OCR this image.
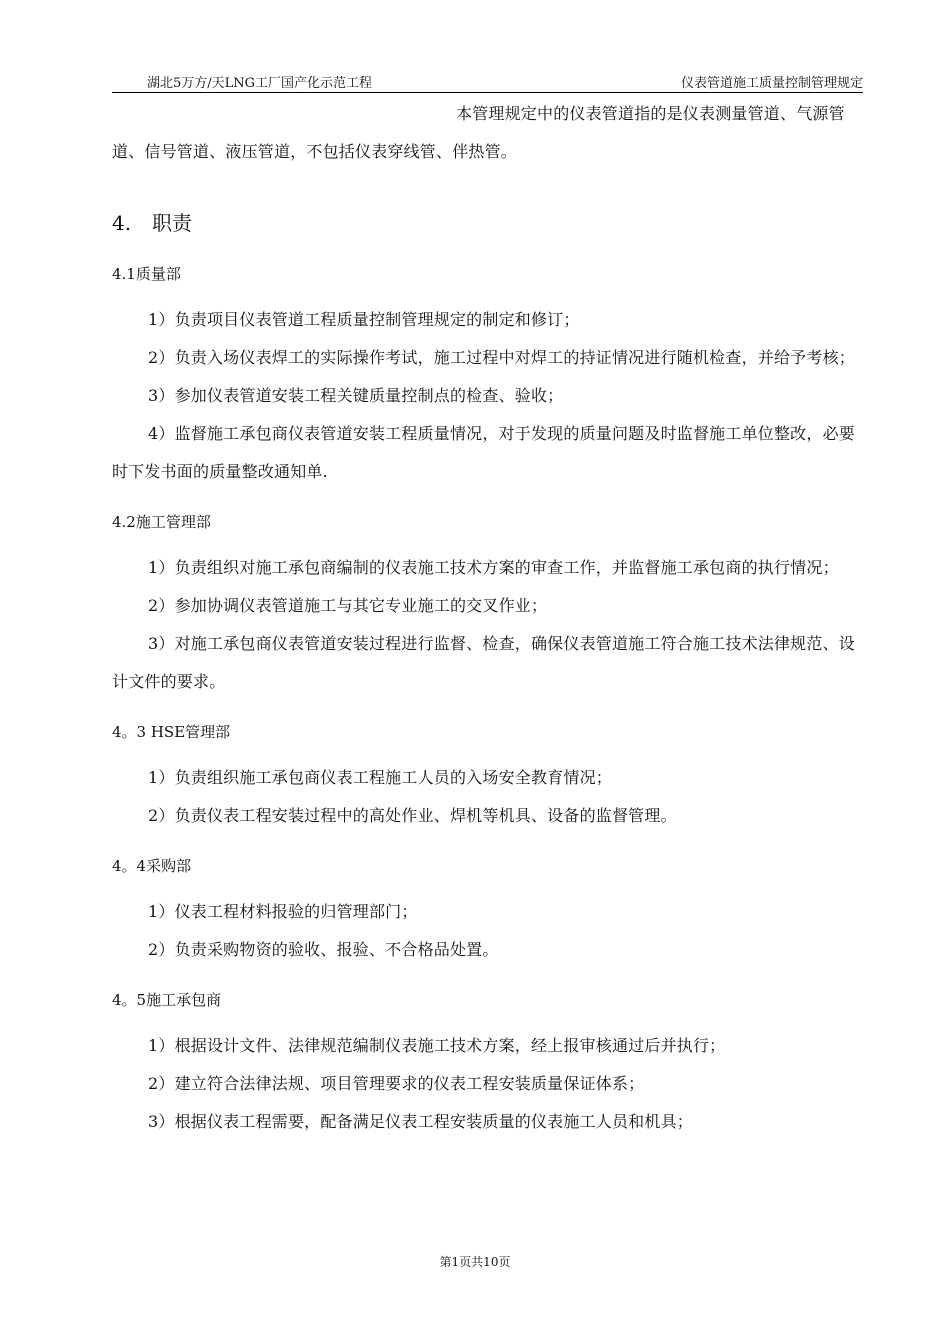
湖北5万方/天LNG工厂国产化示范工程	仪表管道施工质量控制管理规定

本管理规定中的仪表管道指的是仪表测量管道、气源管道、信号管道、液压管道，不包括仪表穿线管、伴热管。

4. 职责
4.1质量部

1）负责项目仪表管道工程质量控制管理规定的制定和修订；

2）负责入场仪表焊工的实际操作考试，施工过程中对焊工的持证情况进行随机检查，并给予考核；

3）参加仪表管道安装工程关键质量控制点的检查、验收；

4）监督施工承包商仪表管道安装工程质量情况，对于发现的质量问题及时监督施工单位整改，必要时下发书面的质量整改通知单.

4.2施工管理部

1）负责组织对施工承包商编制的仪表施工技术方案的审查工作，并监督施工承包商的执行情况；

2）参加协调仪表管道施工与其它专业施工的交叉作业；

3）对施工承包商仪表管道安装过程进行监督、检查，确保仪表管道施工符合施工技术法律规范、设计文件的要求。

4。3 HSE管理部

1）负责组织施工承包商仪表工程施工人员的入场安全教育情况；

2）负责仪表工程安装过程中的高处作业、焊机等机具、设备的监督管理。

4。4采购部

1）仪表工程材料报验的归管理部门；

2）负责采购物资的验收、报验、不合格品处置。

4。5施工承包商

1）根据设计文件、法律规范编制仪表施工技术方案，经上报审核通过后并执行；

2）建立符合法律法规、项目管理要求的仪表工程安装质量保证体系；

3）根据仪表工程需要，配备满足仪表工程安装质量的仪表施工人员和机具；

第1页共10页
